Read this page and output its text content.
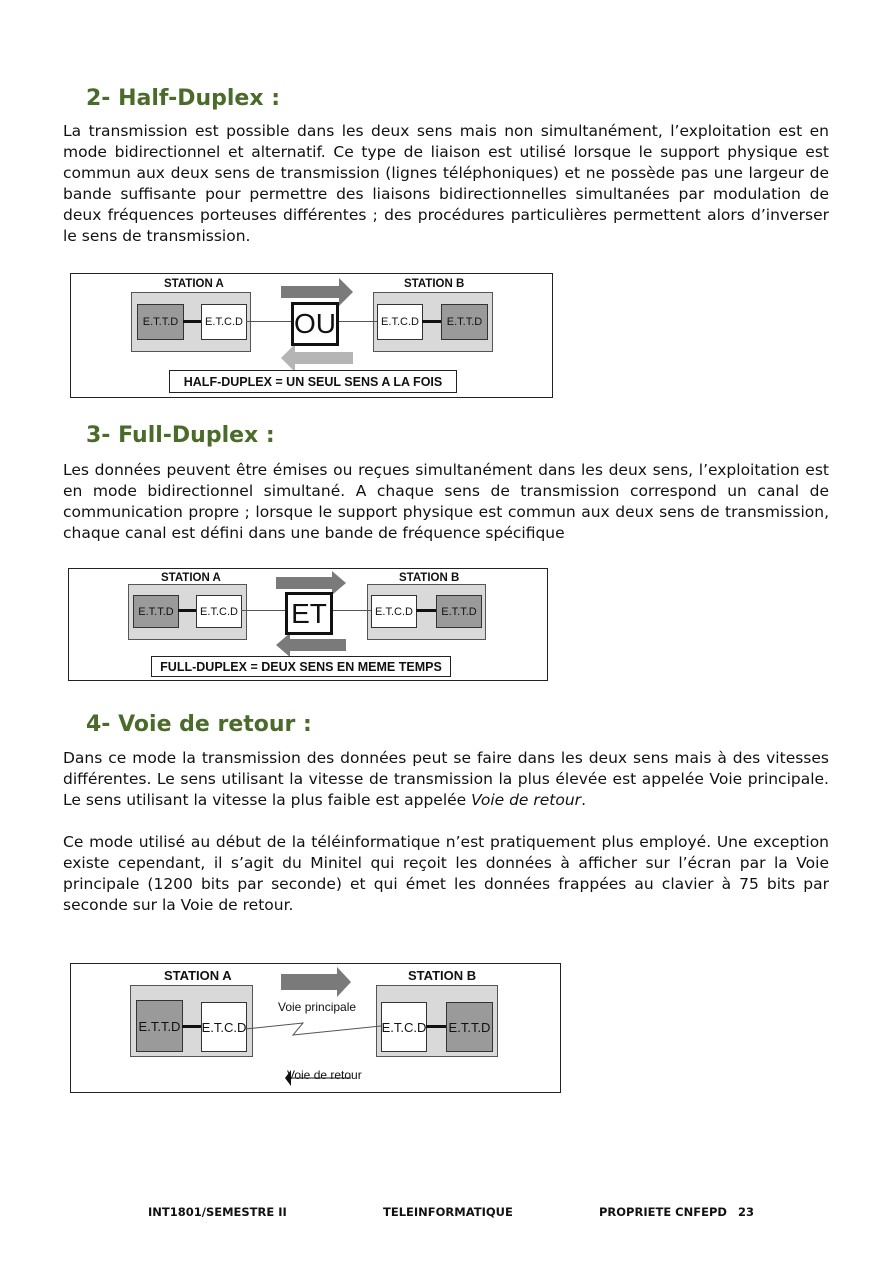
2- Half-Duplex :

La transmission est possible dans les deux sens mais non simultanément, l’exploitation est en mode bidirectionnel et alternatif. Ce type de liaison est utilisé lorsque le support physique est commun aux deux sens de transmission (lignes téléphoniques) et ne possède pas une largeur de bande suffisante pour permettre des liaisons bidirectionnelles simultanées par modulation de deux fréquences porteuses différentes ; des procédures particulières permettent alors d’inverser le sens de transmission.

STATION A	STATION B
E.T.T.D	E.T.C.D	E.T.C.D	E.T.T.D
OU
HALF-DUPLEX = UN SEUL SENS A LA FOIS
3- Full-Duplex :

Les données peuvent être émises ou reçues simultanément dans les deux sens, l’exploitation est en mode bidirectionnel simultané. A chaque sens de transmission correspond un canal de communication propre ; lorsque le support physique est commun aux deux sens de transmission, chaque canal est défini dans une bande de fréquence spécifique

STATION A	STATION B
E.T.T.D	E.T.C.D	E.T.C.D	E.T.T.D
ET
FULL-DUPLEX = DEUX SENS EN MEME TEMPS
4- Voie de retour :

Dans ce mode la transmission des données peut se faire dans les deux sens mais à des vitesses différentes. Le sens utilisant la vitesse de transmission la plus élevée est appelée Voie principale. Le sens utilisant la vitesse la plus faible est appelée Voie de retour.

Ce mode utilisé au début de la téléinformatique n’est pratiquement plus employé. Une exception existe cependant, il s’agit du Minitel qui reçoit les données à afficher sur l’écran par la Voie principale (1200 bits par seconde) et qui émet les données frappées au clavier à 75 bits par seconde sur la Voie de retour.

STATION A	STATION B
E.T.T.D E.T.C.D	E.T.C.D E.T.T.D
Voie principale
Voie de retour
INT1801/SEMESTRE II	TELEINFORMATIQUE	PROPRIETE CNFEPD 23
